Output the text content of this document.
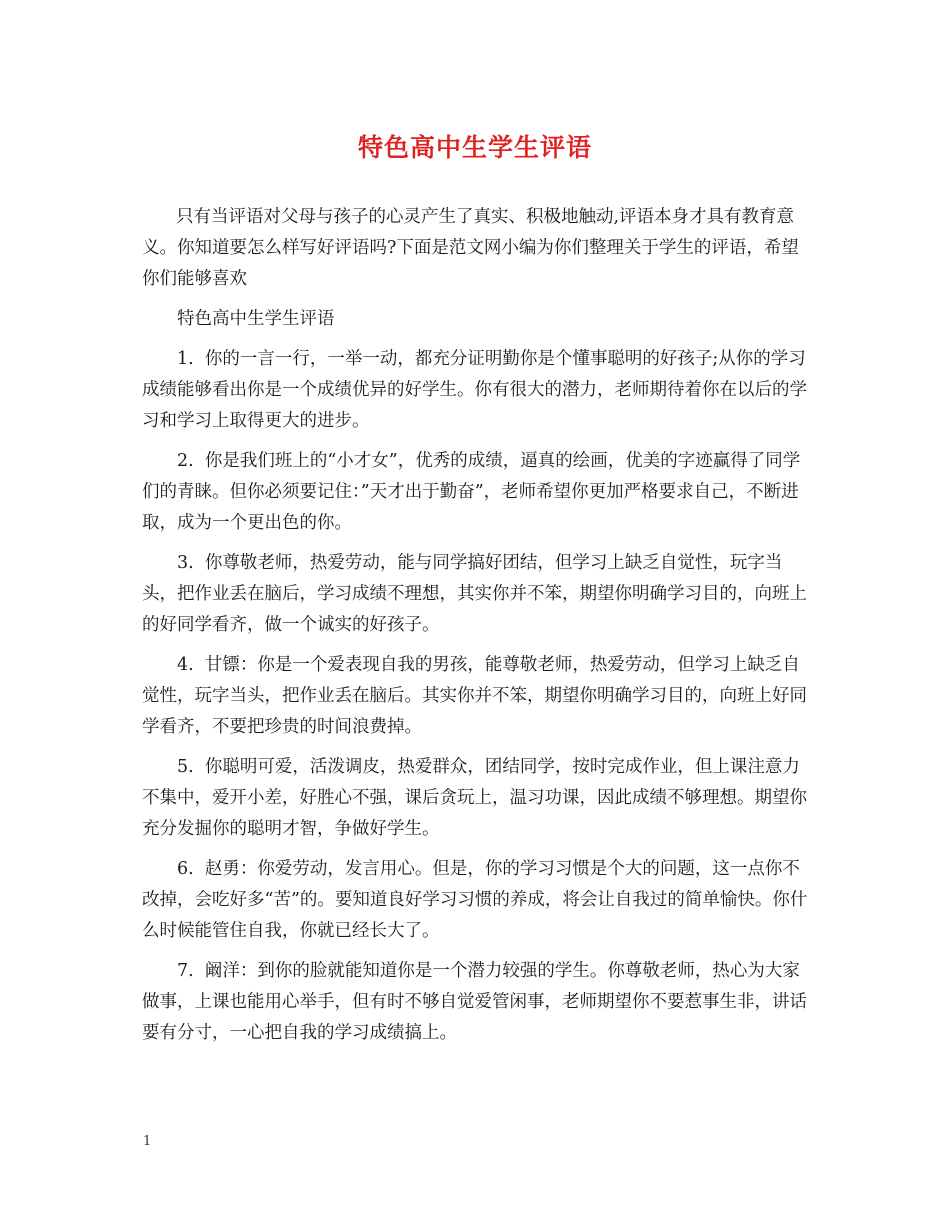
特色高中生学生评语

只有当评语对父母与孩子的心灵产生了真实、积极地触动,评语本身才具有教育意义。你知道要怎么样写好评语吗?下面是范文网小编为你们整理关于学生的评语，希望你们能够喜欢

特色高中生学生评语

1. 你的一言一行，一举一动，都充分证明勤你是个懂事聪明的好孩子;从你的学习成绩能够看出你是一个成绩优异的好学生。你有很大的潜力，老师期待着你在以后的学习和学习上取得更大的进步。

2. 你是我们班上的“小才女”，优秀的成绩，逼真的绘画，优美的字迹赢得了同学们的青睐。但你必须要记住：”天才出于勤奋”，老师希望你更加严格要求自己，不断进取，成为一个更出色的你。

3. 你尊敬老师，热爱劳动，能与同学搞好团结，但学习上缺乏自觉性，玩字当头，把作业丢在脑后，学习成绩不理想，其实你并不笨，期望你明确学习目的，向班上的好同学看齐，做一个诚实的好孩子。

4. 甘镖：你是一个爱表现自我的男孩，能尊敬老师，热爱劳动，但学习上缺乏自觉性，玩字当头，把作业丢在脑后。其实你并不笨，期望你明确学习目的，向班上好同学看齐，不要把珍贵的时间浪费掉。

5. 你聪明可爱，活泼调皮，热爱群众，团结同学，按时完成作业，但上课注意力不集中，爱开小差，好胜心不强，课后贪玩上，温习功课，因此成绩不够理想。期望你充分发掘你的聪明才智，争做好学生。

6. 赵勇：你爱劳动，发言用心。但是，你的学习习惯是个大的问题，这一点你不改掉，会吃好多“苦”的。要知道良好学习习惯的养成，将会让自我过的简单愉快。你什么时候能管住自我，你就已经长大了。

7. 阚洋：到你的脸就能知道你是一个潜力较强的学生。你尊敬老师，热心为大家做事，上课也能用心举手，但有时不够自觉爱管闲事，老师期望你不要惹事生非，讲话要有分寸，一心把自我的学习成绩搞上。

1
